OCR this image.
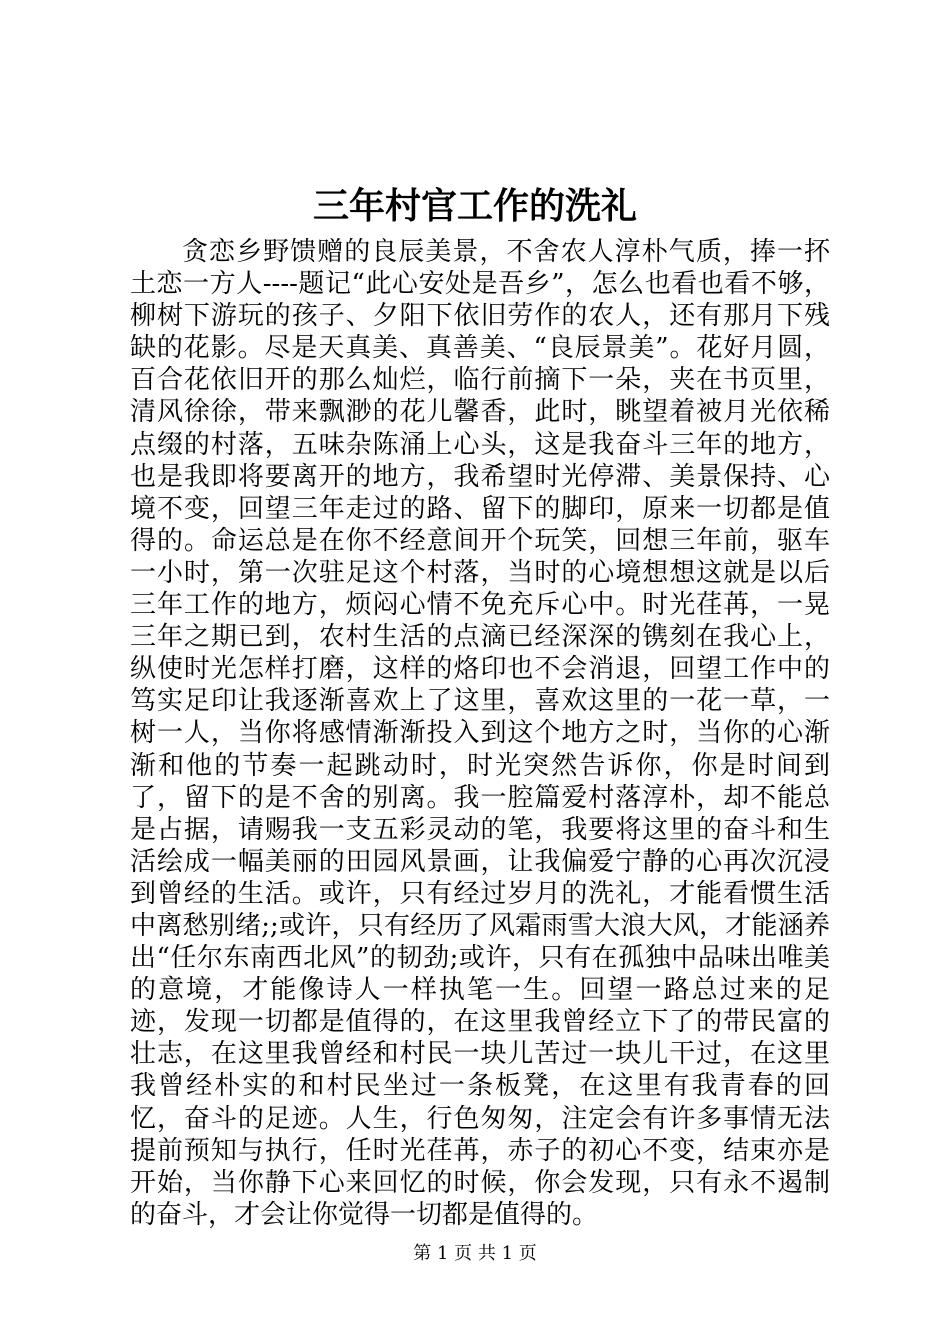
三年村官工作的洗礼

贪恋乡野馈赠的良辰美景，不舍农人淳朴气质，捧一抔土恋一方人----题记“此心安处是吾乡”，怎么也看也看不够，柳树下游玩的孩子、夕阳下依旧劳作的农人，还有那月下残缺的花影。尽是天真美、真善美、“良辰景美”。花好月圆，百合花依旧开的那么灿烂，临行前摘下一朵，夹在书页里，清风徐徐，带来飘渺的花儿馨香，此时，眺望着被月光依稀点缀的村落，五味杂陈涌上心头，这是我奋斗三年的地方，也是我即将要离开的地方，我希望时光停滞、美景保持、心境不变，回望三年走过的路、留下的脚印，原来一切都是值得的。命运总是在你不经意间开个玩笑，回想三年前，驱车一小时，第一次驻足这个村落，当时的心境想想这就是以后三年工作的地方，烦闷心情不免充斥心中。时光荏苒，一晃三年之期已到，农村生活的点滴已经深深的镌刻在我心上，纵使时光怎样打磨，这样的烙印也不会消退，回望工作中的笃实足印让我逐渐喜欢上了这里，喜欢这里的一花一草，一树一人，当你将感情渐渐投入到这个地方之时，当你的心渐渐和他的节奏一起跳动时，时光突然告诉你，你是时间到了，留下的是不舍的别离。我一腔篇爱村落淳朴，却不能总是占据，请赐我一支五彩灵动的笔，我要将这里的奋斗和生活绘成一幅美丽的田园风景画，让我偏爱宁静的心再次沉浸到曾经的生活。或许，只有经过岁月的洗礼，才能看惯生活中离愁别绪;;或许，只有经历了风霜雨雪大浪大风，才能涵养出“任尔东南西北风”的韧劲;或许，只有在孤独中品味出唯美的意境，才能像诗人一样执笔一生。回望一路总过来的足迹，发现一切都是值得的，在这里我曾经立下了的带民富的壮志，在这里我曾经和村民一块儿苦过一块儿干过，在这里我曾经朴实的和村民坐过一条板凳，在这里有我青春的回忆，奋斗的足迹。人生，行色匆匆，注定会有许多事情无法提前预知与执行，任时光荏苒，赤子的初心不变，结束亦是开始，当你静下心来回忆的时候，你会发现，只有永不遏制的奋斗，才会让你觉得一切都是值得的。

第 1 页 共 1 页
